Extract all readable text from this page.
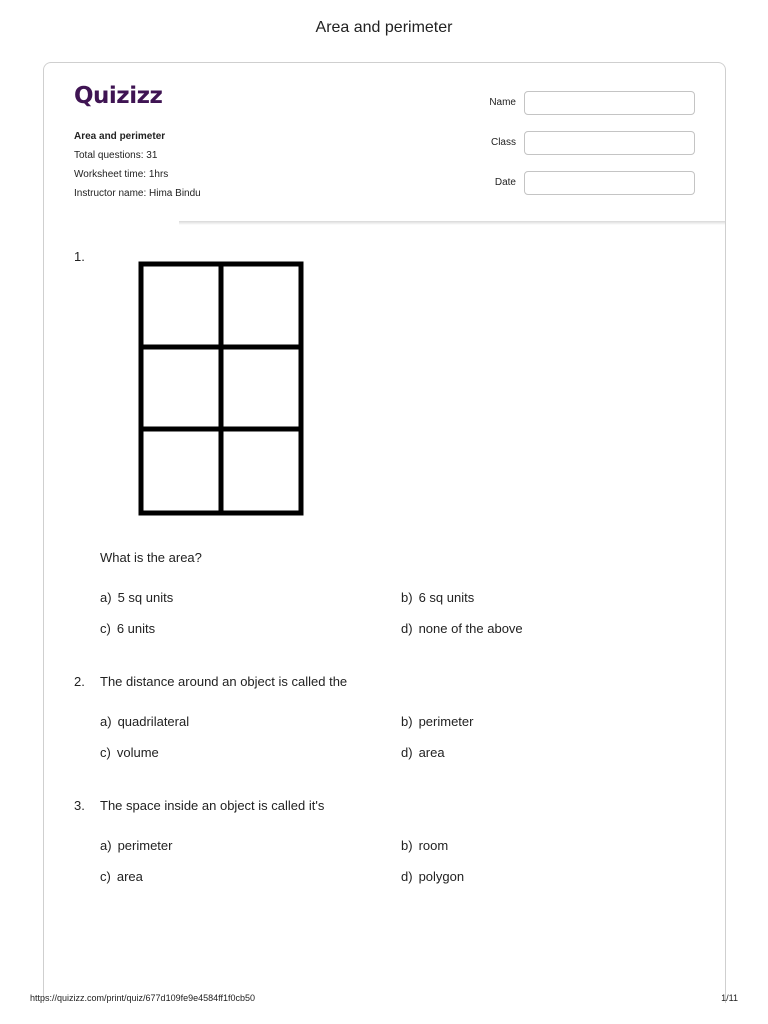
Area and perimeter
Quizizz
Area and perimeter
Total questions: 31
Worksheet time: 1hrs
Instructor name: Hima Bindu
Name
Class
Date
1.
What is the area?
a) 5 sq units	b) 6 sq units
c) 6 units	d) none of the above
2. The distance around an object is called the
a) quadrilateral	b) perimeter
c) volume	d) area
3. The space inside an object is called it's
a) perimeter	b) room
c) area	d) polygon
https://quizizz.com/print/quiz/677d109fe9e4584ff1f0cb50	1/11
